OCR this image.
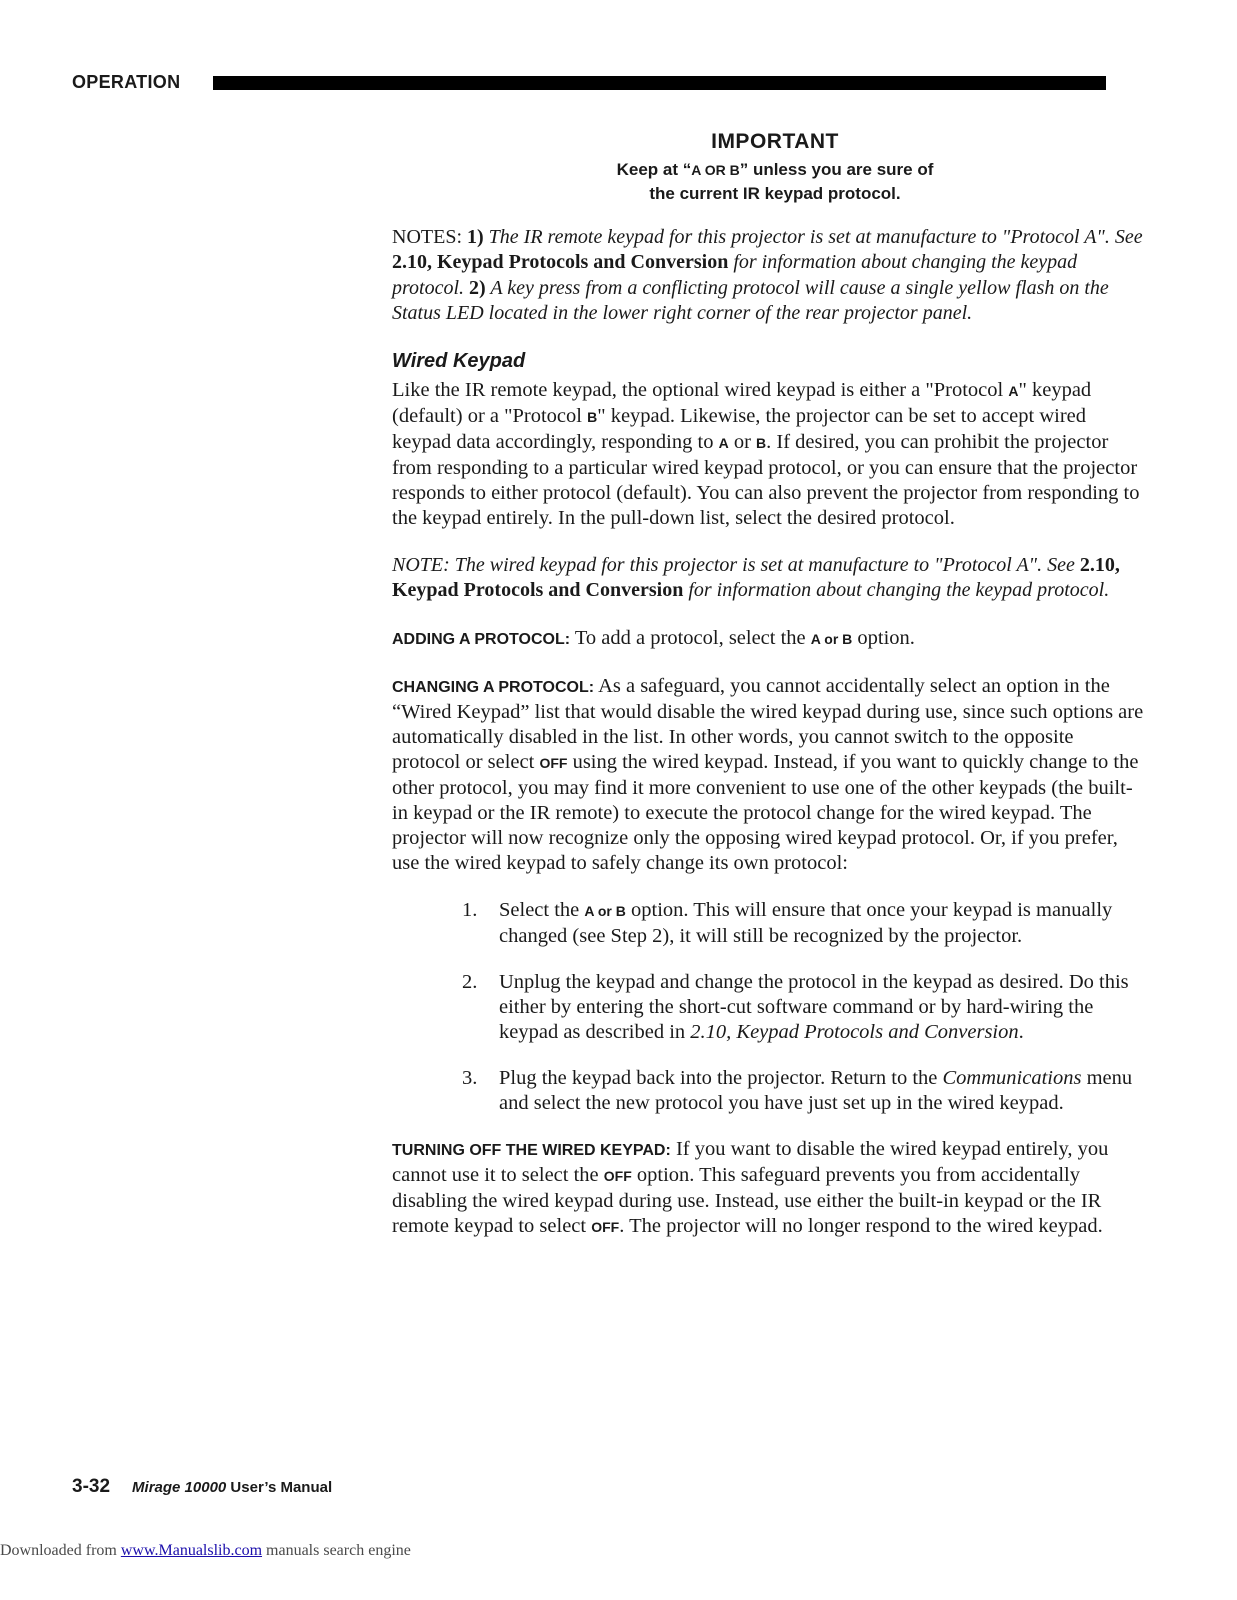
OPERATION
IMPORTANT
Keep at “A OR B” unless you are sure of
the current IR keypad protocol.

NOTES: 1) The IR remote keypad for this projector is set at manufacture to "Protocol A". See 2.10, Keypad Protocols and Conversion for information about changing the keypad protocol. 2) A key press from a conflicting protocol will cause a single yellow flash on the Status LED located in the lower right corner of the rear projector panel.

Wired Keypad

Like the IR remote keypad, the optional wired keypad is either a "Protocol A" keypad (default) or a "Protocol B" keypad. Likewise, the projector can be set to accept wired keypad data accordingly, responding to A or B. If desired, you can prohibit the projector from responding to a particular wired keypad protocol, or you can ensure that the projector responds to either protocol (default). You can also prevent the projector from responding to the keypad entirely. In the pull-down list, select the desired protocol.

NOTE: The wired keypad for this projector is set at manufacture to "Protocol A". See 2.10, Keypad Protocols and Conversion for information about changing the keypad protocol.

ADDING A PROTOCOL: To add a protocol, select the A or B option.

CHANGING A PROTOCOL: As a safeguard, you cannot accidentally select an option in the “Wired Keypad” list that would disable the wired keypad during use, since such options are automatically disabled in the list. In other words, you cannot switch to the opposite protocol or select OFF using the wired keypad. Instead, if you want to quickly change to the other protocol, you may find it more convenient to use one of the other keypads (the built-in keypad or the IR remote) to execute the protocol change for the wired keypad. The projector will now recognize only the opposing wired keypad protocol. Or, if you prefer, use the wired keypad to safely change its own protocol:

1. Select the A or B option. This will ensure that once your keypad is manually changed (see Step 2), it will still be recognized by the projector.
2. Unplug the keypad and change the protocol in the keypad as desired. Do this either by entering the short-cut software command or by hard-wiring the keypad as described in 2.10, Keypad Protocols and Conversion.
3. Plug the keypad back into the projector. Return to the Communications menu and select the new protocol you have just set up in the wired keypad.

TURNING OFF THE WIRED KEYPAD: If you want to disable the wired keypad entirely, you cannot use it to select the OFF option. This safeguard prevents you from accidentally disabling the wired keypad during use. Instead, use either the built-in keypad or the IR remote keypad to select OFF. The projector will no longer respond to the wired keypad.

3-32 Mirage 10000 User’s Manual
Downloaded from www.Manualslib.com manuals search engine
